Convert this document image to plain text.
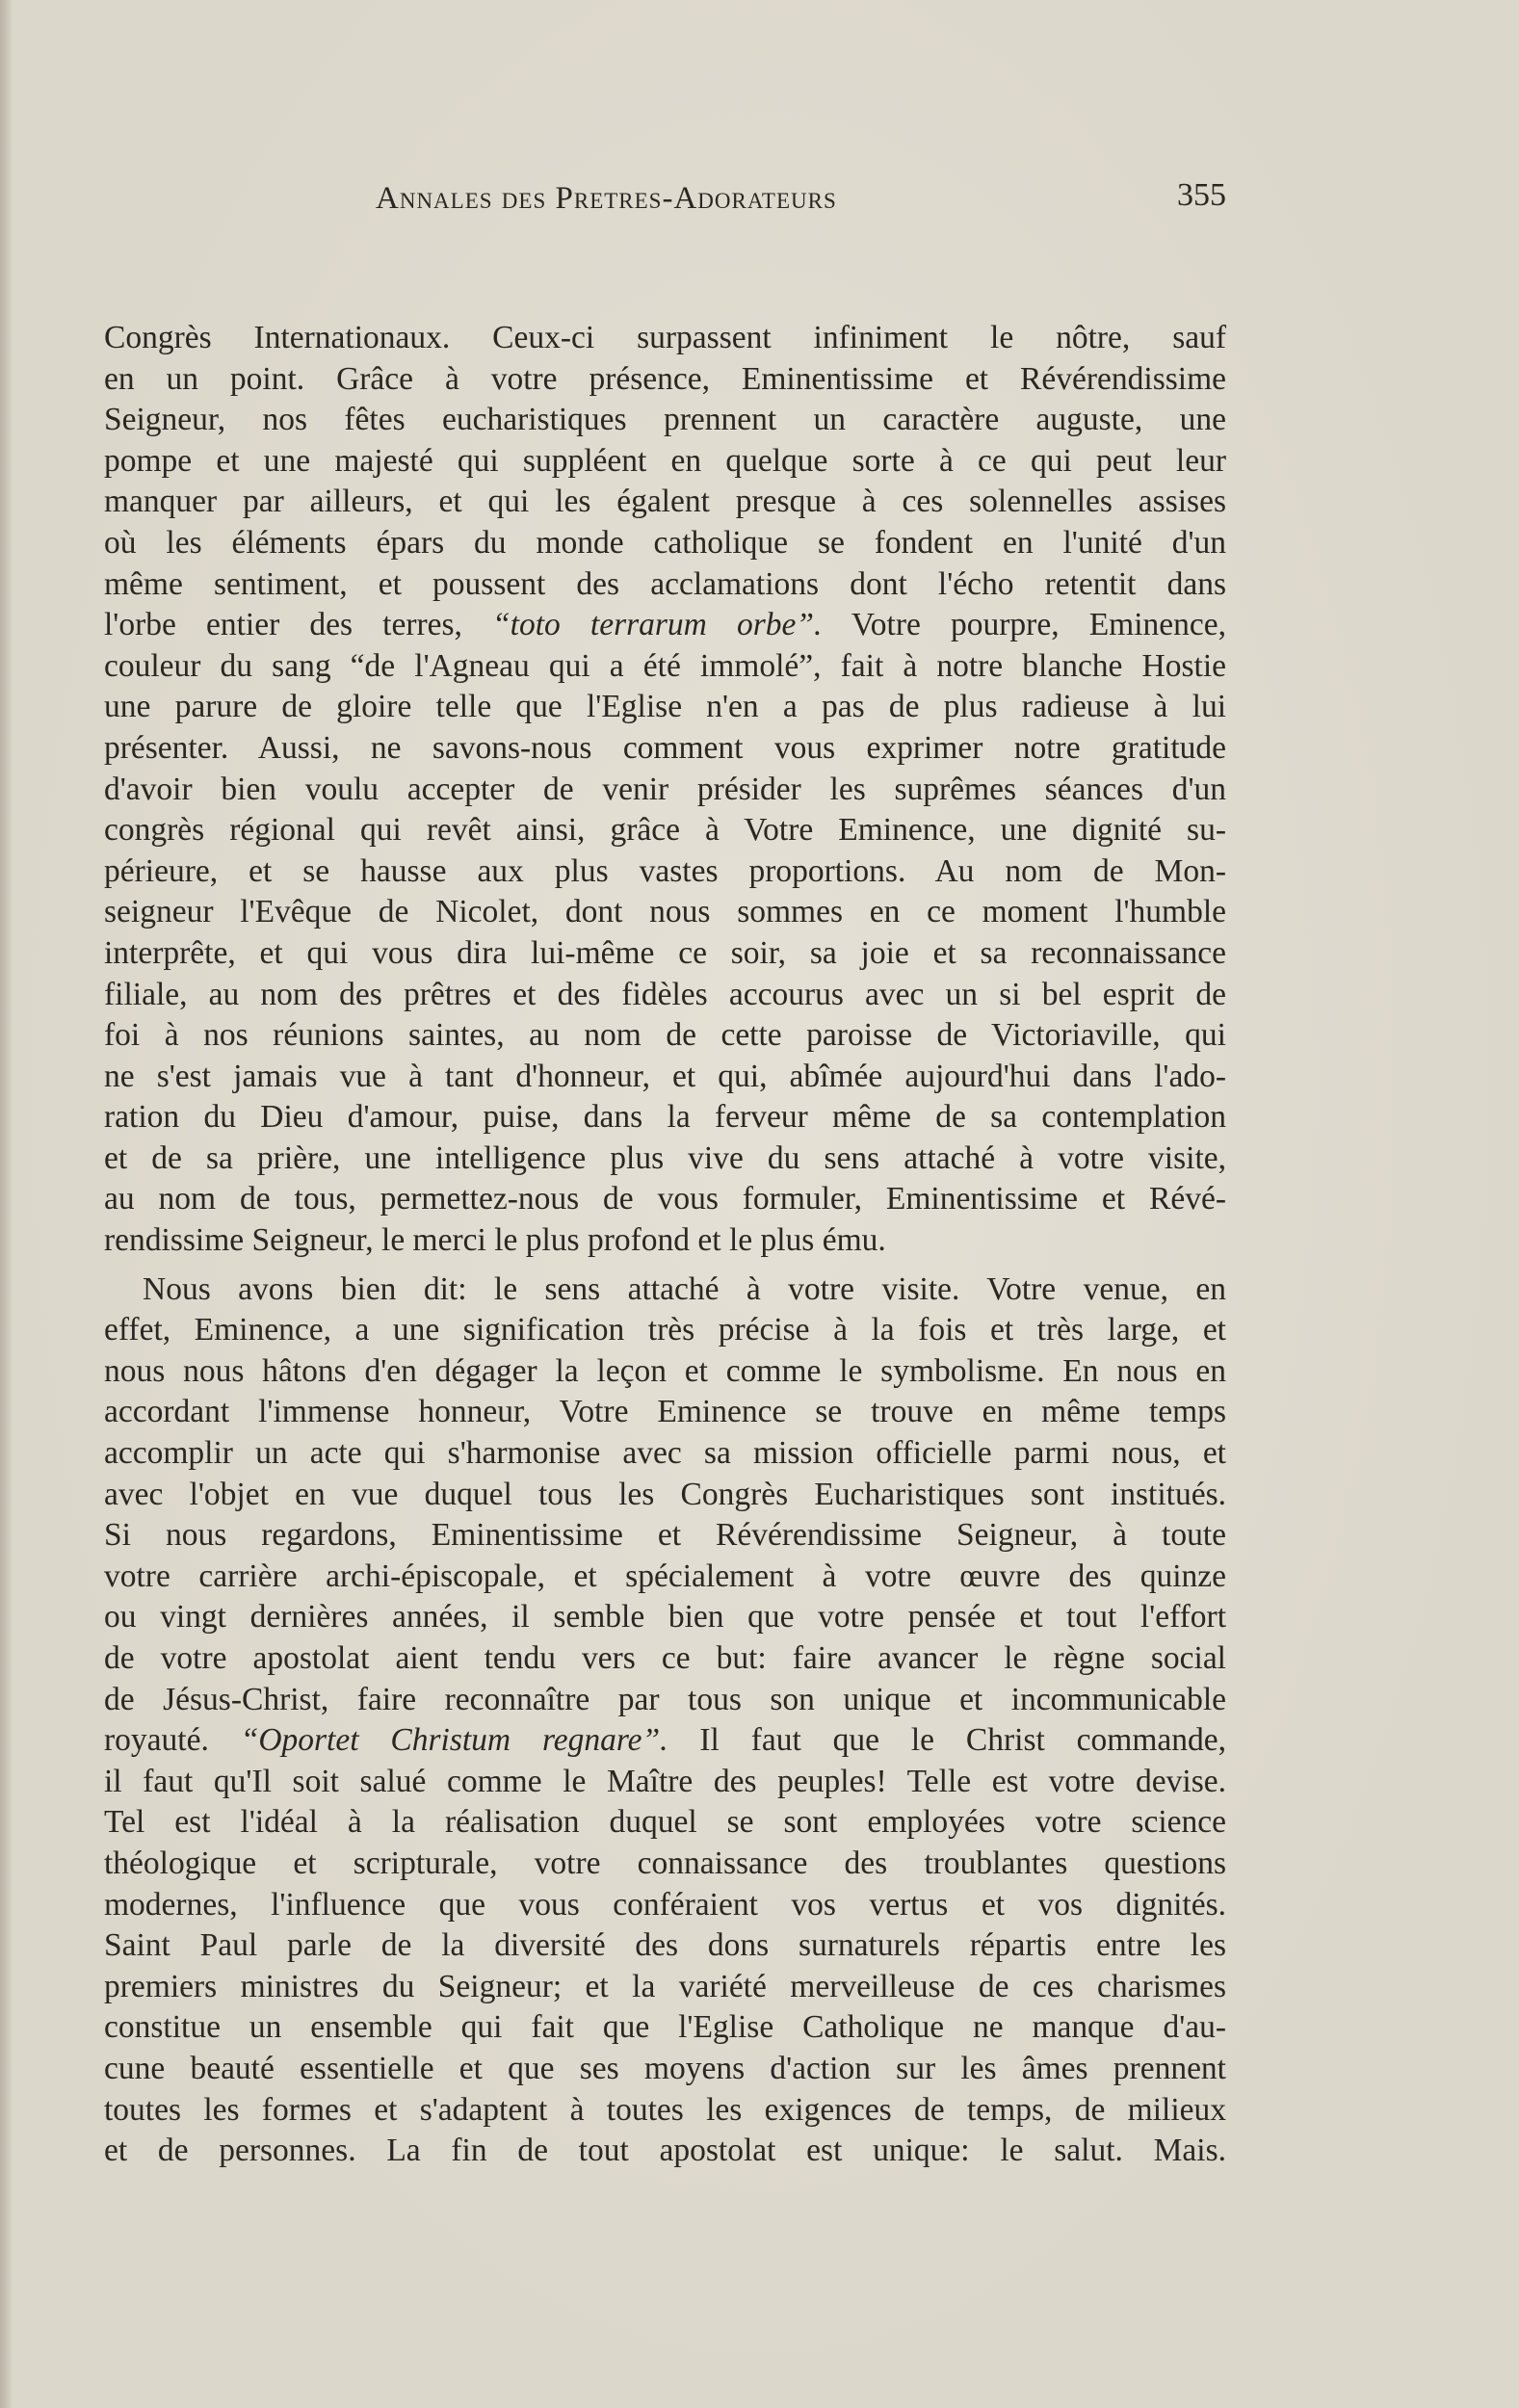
Annales des Pretres-Adorateurs	355
Congrès Internationaux. Ceux-ci surpassent infiniment le nôtre, sauf
en un point. Grâce à votre présence, Eminentissime et Révérendissime
Seigneur, nos fêtes eucharistiques prennent un caractère auguste, une
pompe et une majesté qui suppléent en quelque sorte à ce qui peut leur
manquer par ailleurs, et qui les égalent presque à ces solennelles assises
où les éléments épars du monde catholique se fondent en l'unité d'un
même sentiment, et poussent des acclamations dont l'écho retentit dans
l'orbe entier des terres, “toto terrarum orbe”. Votre pourpre, Eminence,
couleur du sang “de l'Agneau qui a été immolé”, fait à notre blanche Hostie
une parure de gloire telle que l'Eglise n'en a pas de plus radieuse à lui
présenter. Aussi, ne savons-nous comment vous exprimer notre gratitude
d'avoir bien voulu accepter de venir présider les suprêmes séances d'un
congrès régional qui revêt ainsi, grâce à Votre Eminence, une dignité su-
périeure, et se hausse aux plus vastes proportions. Au nom de Mon-
seigneur l'Evêque de Nicolet, dont nous sommes en ce moment l'humble
interprête, et qui vous dira lui-même ce soir, sa joie et sa reconnaissance
filiale, au nom des prêtres et des fidèles accourus avec un si bel esprit de
foi à nos réunions saintes, au nom de cette paroisse de Victoriaville, qui
ne s'est jamais vue à tant d'honneur, et qui, abîmée aujourd'hui dans l'ado-
ration du Dieu d'amour, puise, dans la ferveur même de sa contemplation
et de sa prière, une intelligence plus vive du sens attaché à votre visite,
au nom de tous, permettez-nous de vous formuler, Eminentissime et Révé-
rendissime Seigneur, le merci le plus profond et le plus ému.
Nous avons bien dit: le sens attaché à votre visite. Votre venue, en
effet, Eminence, a une signification très précise à la fois et très large, et
nous nous hâtons d'en dégager la leçon et comme le symbolisme. En nous en
accordant l'immense honneur, Votre Eminence se trouve en même temps
accomplir un acte qui s'harmonise avec sa mission officielle parmi nous, et
avec l'objet en vue duquel tous les Congrès Eucharistiques sont institués.
Si nous regardons, Eminentissime et Révérendissime Seigneur, à toute
votre carrière archi-épiscopale, et spécialement à votre œuvre des quinze
ou vingt dernières années, il semble bien que votre pensée et tout l'effort
de votre apostolat aient tendu vers ce but: faire avancer le règne social
de Jésus-Christ, faire reconnaître par tous son unique et incommunicable
royauté. “Oportet Christum regnare”. Il faut que le Christ commande,
il faut qu'Il soit salué comme le Maître des peuples! Telle est votre devise.
Tel est l'idéal à la réalisation duquel se sont employées votre science
théologique et scripturale, votre connaissance des troublantes questions
modernes, l'influence que vous conféraient vos vertus et vos dignités.
Saint Paul parle de la diversité des dons surnaturels répartis entre les
premiers ministres du Seigneur; et la variété merveilleuse de ces charismes
constitue un ensemble qui fait que l'Eglise Catholique ne manque d'au-
cune beauté essentielle et que ses moyens d'action sur les âmes prennent
toutes les formes et s'adaptent à toutes les exigences de temps, de milieux
et de personnes. La fin de tout apostolat est unique: le salut. Mais.
